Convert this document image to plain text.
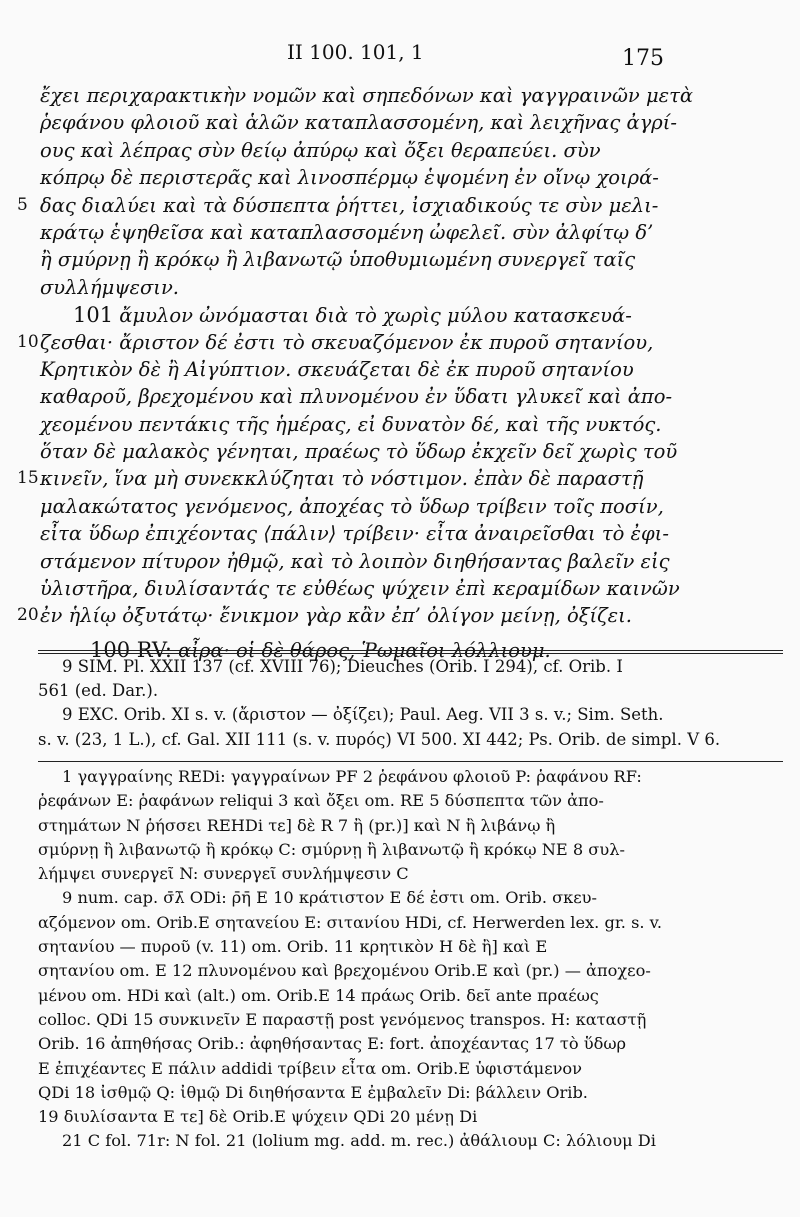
II 100. 101, 1	175
ἔχει περιχαρακτικὴν νομῶν καὶ σηπεδόνων καὶ γαγγραινῶν μετὰ
ῥεφάνου φλοιοῦ καὶ ἁλῶν καταπλασσομένη, καὶ λειχῆνας ἀγρί-
ους καὶ λέπρας σὺν θείῳ ἀπύρῳ καὶ ὄξει θεραπεύει. σὺν
κόπρῳ δὲ περιστερᾶς καὶ λινοσπέρμῳ ἑψομένη ἐν οἴνῳ χοιρά-
5 δας διαλύει καὶ τὰ δύσπεπτα ῥήττει, ἰσχιαδικούς τε σὺν μελι-
κράτῳ ἑψηθεῖσα καὶ καταπλασσομένη ὠφελεῖ. σὺν ἀλφίτῳ δ’
ἢ σμύρνῃ ἢ κρόκῳ ἢ λιβανωτῷ ὑποθυμιωμένη συνεργεῖ ταῖς
συλλήμψεσιν.
101 ἄμυλον ὠνόμασται διὰ τὸ χωρὶς μύλου κατασκευά-
10 ζεσθαι· ἄριστον δέ ἐστι τὸ σκευαζόμενον ἐκ πυροῦ σητανίου,
Κρητικὸν δὲ ἢ Αἰγύπτιον. σκευάζεται δὲ ἐκ πυροῦ σητανίου
καθαροῦ, βρεχομένου καὶ πλυνομένου ἐν ὕδατι γλυκεῖ καὶ ἀπο-
χεομένου πεντάκις τῆς ἡμέρας, εἰ δυνατὸν δέ, καὶ τῆς νυκτός.
ὅταν δὲ μαλακὸς γένηται, πραέως τὸ ὕδωρ ἐκχεῖν δεῖ χωρὶς τοῦ
15 κινεῖν, ἵνα μὴ συνεκκλύζηται τὸ νόστιμον. ἐπὰν δὲ παραστῇ
μαλακώτατος γενόμενος, ἀποχέας τὸ ὕδωρ τρίβειν τοῖς ποσίν,
εἶτα ὕδωρ ἐπιχέοντας ⟨πάλιν⟩ τρίβειν· εἶτα ἀναιρεῖσθαι τὸ ἐφι-
στάμενον πίτυρον ἠθμῷ, καὶ τὸ λοιπὸν διηθήσαντας βαλεῖν εἰς
ὑλιστῆρα, διυλίσαντάς τε εὐθέως ψύχειν ἐπὶ κεραμίδων καινῶν
20 ἐν ἡλίῳ ὀξυτάτῳ· ἔνικμον γὰρ κἂν ἐπ’ ὀλίγον μείνῃ, ὀξίζει.
100 RV: αἶρα· οἱ δὲ θάρος, Ῥωμαῖοι λόλλιουμ.
9 SIM. Pl. XXII 137 (cf. XVIII 76); Dieuches (Orib. I 294), cf. Orib. I
561 (ed. Dar.).
9 EXC. Orib. XI s. v. (ἄριστον — ὀξίζει); Paul. Aeg. VII 3 s. v.; Sim. Seth.
s. v. (23, 1 L.), cf. Gal. XII 111 (s. v. πυρός) VI 500. XI 442; Ps. Orib. de simpl. V 6.
1 γαγγραίνης REDi: γαγγραίνων PF 2 ῥεφάνου φλοιοῦ P: ῥαφάνου RF:
ῥεφάνων E: ῥαφάνων reliqui 3 καὶ ὄξει om. RE 5 δύσπεπτα τῶν ἀπο-
στημάτων N ῥήσσει REHDi τε] δὲ R 7 ἢ (pr.)] καὶ N ἢ λιβάνῳ ἢ
σμύρνῃ ἢ λιβανωτῷ ἢ κρόκῳ C: σμύρνῃ ἢ λιβανωτῷ ἢ κρόκῳ NE 8 συλ-
λήμψει συνεργεῖ N: συνεργεῖ συνλήμψεσιν C
9 num. cap. σ̄λ̄ ODi: ρ̄η̄ E 10 κράτιστον E δέ ἐστι om. Orib. σκευ-
αζόμενον om. Orib.E σηταvείου E: σιτανίου HDi, cf. Herwerden lex. gr. s. v.
σητανίου — πυροῦ (v. 11) om. Orib. 11 κρητικὸν H δὲ ἢ] καὶ E
σητανίου om. E 12 πλυνομένου καὶ βρεχομένου Orib.E καὶ (pr.) — ἀποχεο-
μένου om. HDi καὶ (alt.) om. Orib.E 14 πράως Orib. δεῖ ante πραέως
colloc. QDi 15 συνκινεῖν E παραστῇ post γενόμενος transpos. H: καταστῇ
Orib. 16 ἀπηθήσας Orib.: ἀφηθήσαντας E: fort. ἀποχέαντας 17 τὸ ὕδωρ
E ἐπιχέαντες E πάλιν addidi τρίβειν εἶτα om. Orib.E ὑφιστάμενον
QDi 18 ἰσθμῷ Q: ἰθμῷ Di διηθήσαντα E ἐμβαλεῖν Di: βάλλειν Orib.
19 διυλίσαντα E τε] δὲ Orib.E ψύχειν QDi 20 μένῃ Di
21 C fol. 71r: N fol. 21 (lolium mg. add. m. rec.) ἀθάλιουμ C: λόλιουμ Di
